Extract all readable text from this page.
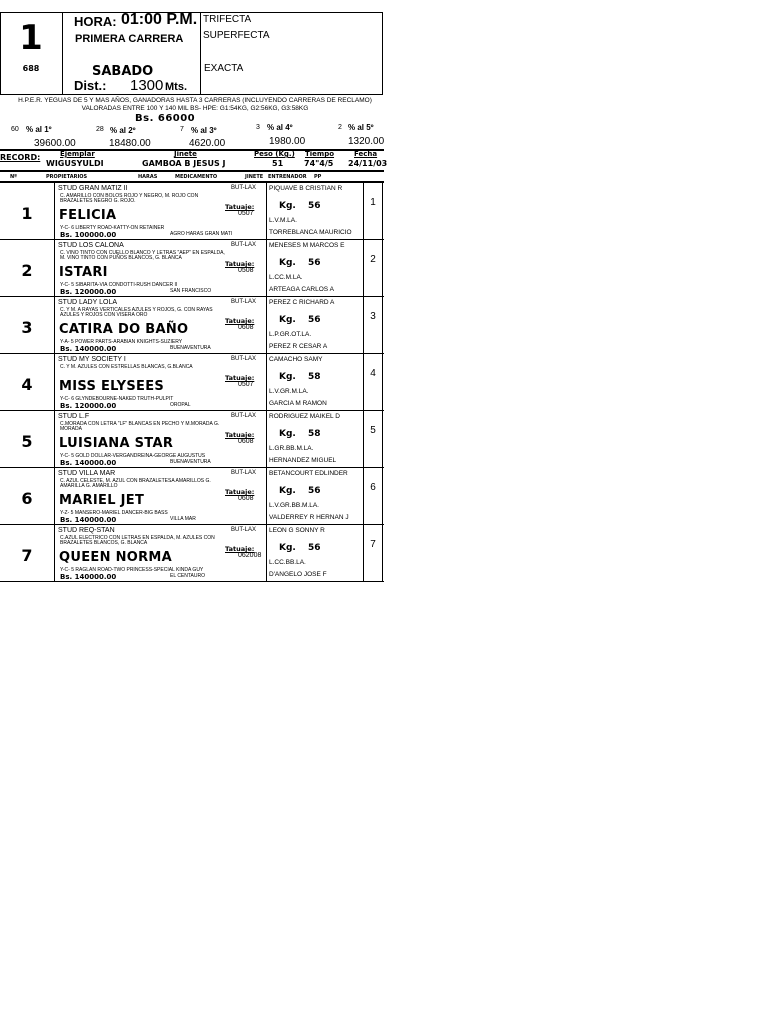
1
688
HORA: 01:00 P.M.
PRIMERA CARRERA
SABADO
Dist.: 1300 Mts.
TRIFECTA
SUPERFECTA
EXACTA
H.P.E.R. YEGUAS DE 5 Y MAS AÑOS, GANADORAS HASTA 3 CARRERAS (INCLUYENDO CARRERAS DE RECLAMO)
VALORADAS ENTRE 100 Y 140 MIL BS- HPE: G1:54KG, G2:56KG, G3:58KG
Bs. 66000
60 % al 1º
39600.00
28 % al 2º
18480.00
7 % al 3º
4620.00
3 % al 4º
1980.00
2 % al 5º
1320.00
RECORD:	Ejemplar	Jinete	Peso (Kg.) Tiempo	Fecha
WIGUSYULDI	GAMBOA B JESUS J	51	74"4/5 24/11/03
Nº	PROPIETARIOS	HARAS	MEDICAMENTO	JINETE ENTRENADOR PP
1
STUD GRAN MATIZ II
C. AMARILLO CON BOLOS ROJO Y NEGRO, M. ROJO CON BRAZALETES NEGRO G. ROJO.
FELICIA
Y-C- 6 LIBERTY ROAD-KATTY-ON RETAINER
Bs. 100000.00	AGRO HARAS GRAN MATI
BUT-LAX
Tatuaje:
0507
PIQUAVE B CRISTIAN R
Kg. 56
L.V.M.LA.
TORREBLANCA MAURICIO
1
2
STUD LOS CALONA
C. VINO TINTO CON CUELLO BLANCO Y LETRAS "AEP" EN ESPALDA, M. VINO TINTO CON PUÑOS BLANCOS, G. BLANCA
ISTARI
Y-C- 5 SIBARITA-VIA CONDOTTI-RUSH DANCER II
Bs. 120000.00	SAN FRANCISCO
BUT-LAX
Tatuaje:
0508
MENESES M MARCOS E
Kg. 56
L.CC.M.LA.
ARTEAGA CARLOS A
2
3
STUD LADY LOLA
C. Y M. A RAYAS VERTICALES AZULES Y ROJOS, G. CON RAYAS AZULES Y ROJOS CON VISERA ORO
CATIRA DO BAÑO
Y-A- 5 POWER PARTS-ARABIAN KNIGHTS-SUZIERY
Bs. 140000.00	BUENAVENTURA
BUT-LAX
Tatuaje:
0608
PEREZ C RICHARD A
Kg. 56
L.P.GR.OT.LA.
PEREZ R CESAR A
3
4
STUD MY SOCIETY I
C. Y M. AZULES CON ESTRELLAS BLANCAS, G.BLANCA
MISS ELYSEES
Y-C- 6 GLYNDEBOURNE-NAKED TRUTH-PULPIT
Bs. 120000.00	OROPAL
BUT-LAX
Tatuaje:
0507
CAMACHO SAMY
Kg. 58
L.V.GR.M.LA.
GARCIA M RAMON
4
5
STUD L.F
C.MORADA CON LETRA "LF" BLANCAS EN PECHO Y M.MORADA G. MORADA
LUISIANA STAR
Y-C- 5 GOLD DOLLAR-VERGANDREINA-GEORGE AUGUSTUS
Bs. 140000.00	BUENAVENTURA
BUT-LAX
Tatuaje:
0608
RODRIGUEZ MAIKEL D
Kg. 58
L.GR.BB.M.LA.
HERNANDEZ MIGUEL
5
6
STUD VILLA MAR
C. AZUL CELESTE, M. AZUL CON BRAZALETESA AMARILLOS G. AMARILLA G. AMARILLO
MARIEL JET
Y-Z- 5 MANSERO-MARIEL DANCER-BIG BASS
Bs. 140000.00	VILLA MAR
BUT-LAX
Tatuaje:
0608
BETANCOURT EDLINDER
Kg. 56
L.V.GR.BB.M.LA.
VALDERREY R HERNAN J
6
7
STUD REQ-STAN
C.AZUL ELECTRICO CON LETRAS EN ESPALDA, M. AZULES CON BRAZALETES BLANCOS, G. BLANCA
QUEEN NORMA
Y-C- 5 RAGLAN ROAD-TWO PRINCESS-SPECIAL KINDA GUY
Bs. 140000.00	EL CENTAURO
BUT-LAX
Tatuaje:
062008
LEON G SONNY R
Kg. 56
L.CC.BB.LA.
D'ANGELO JOSE F
7
